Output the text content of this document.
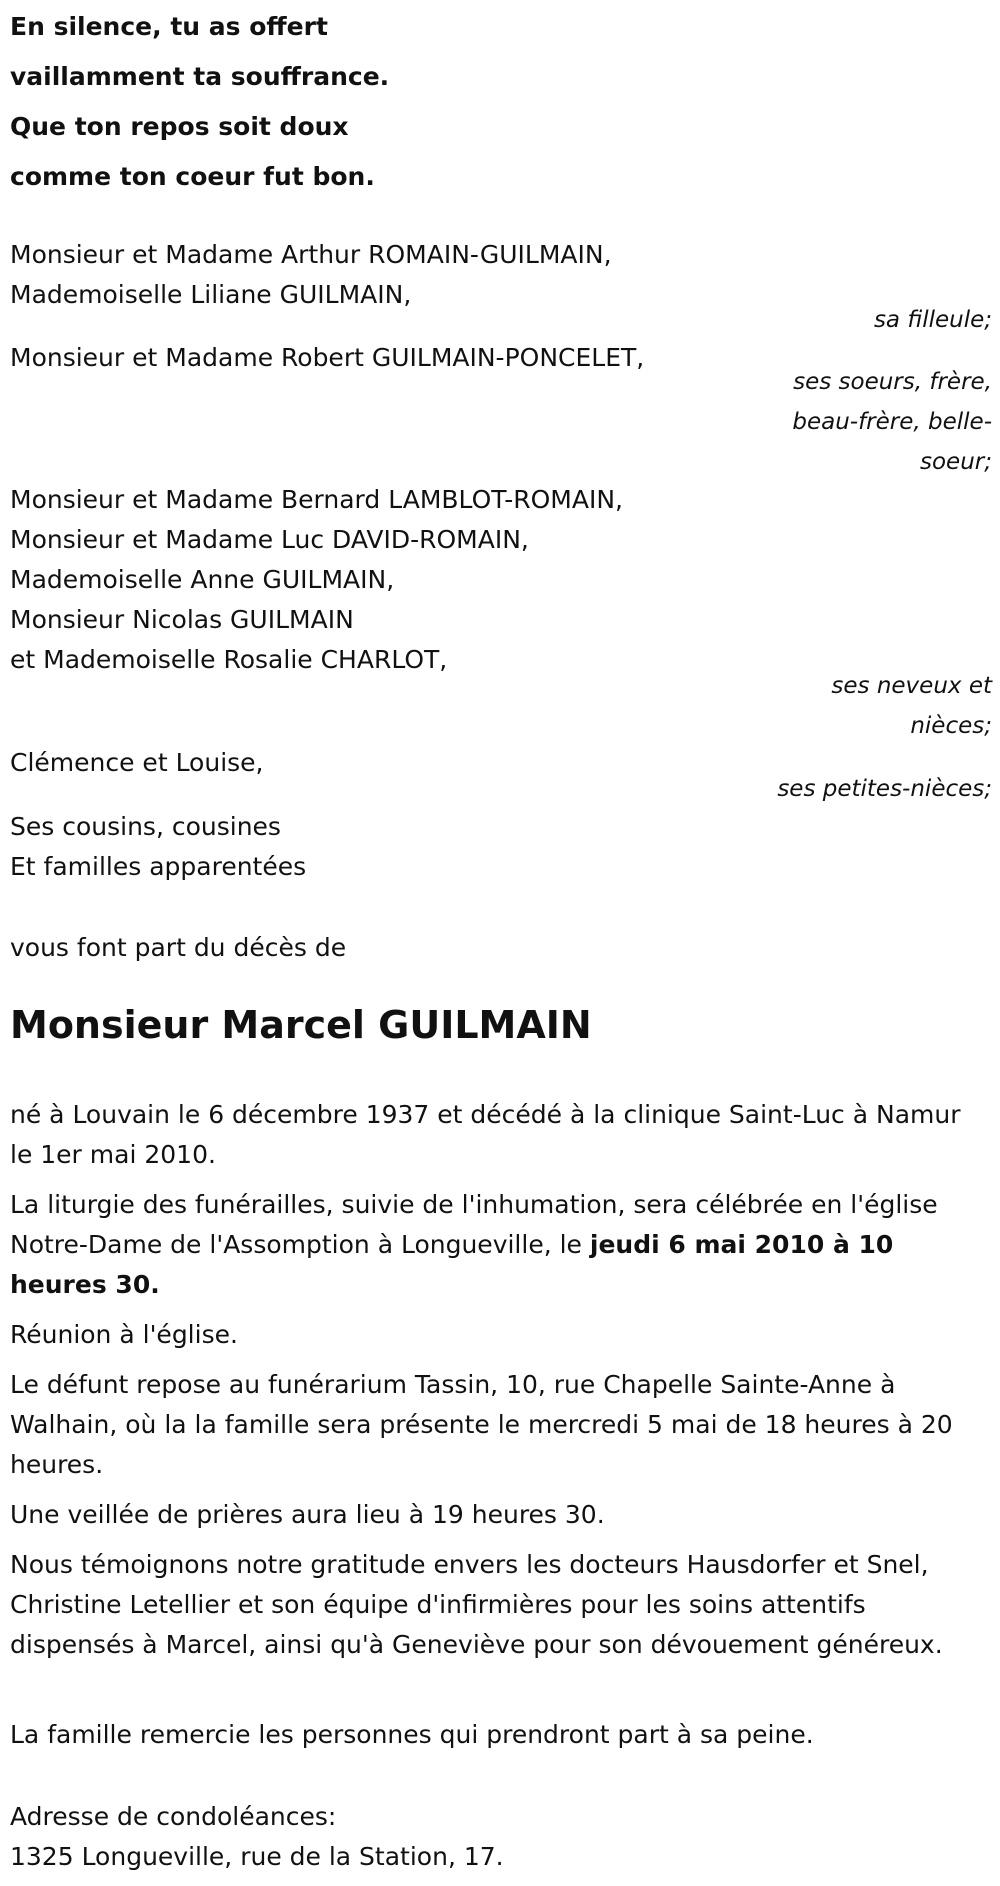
En silence, tu as offert
vaillamment ta souffrance.
Que ton repos soit doux
comme ton coeur fut bon.
Monsieur et Madame Arthur ROMAIN-GUILMAIN,
Mademoiselle Liliane GUILMAIN,
sa filleule;
Monsieur et Madame Robert GUILMAIN-PONCELET,
ses soeurs, frère,
beau-frère, belle-
soeur;
Monsieur et Madame Bernard LAMBLOT-ROMAIN,
Monsieur et Madame Luc DAVID-ROMAIN,
Mademoiselle Anne GUILMAIN,
Monsieur Nicolas GUILMAIN
et Mademoiselle Rosalie CHARLOT,
ses neveux et
nièces;
Clémence et Louise,
ses petites-nièces;
Ses cousins, cousines
Et familles apparentées
vous font part du décès de
Monsieur Marcel GUILMAIN
né à Louvain le 6 décembre 1937 et décédé à la clinique Saint-Luc à Namur le 1er mai 2010.
La liturgie des funérailles, suivie de l'inhumation, sera célébrée en l'église Notre-Dame de l'Assomption à Longueville, le jeudi 6 mai 2010 à 10 heures 30.
Réunion à l'église.
Le défunt repose au funérarium Tassin, 10, rue Chapelle Sainte-Anne à Walhain, où la la famille sera présente le mercredi 5 mai de 18 heures à 20 heures.
Une veillée de prières aura lieu à 19 heures 30.
Nous témoignons notre gratitude envers les docteurs Hausdorfer et Snel, Christine Letellier et son équipe d'infirmières pour les soins attentifs dispensés à Marcel, ainsi qu'à Geneviève pour son dévouement généreux.
La famille remercie les personnes qui prendront part à sa peine.
Adresse de condoléances:
1325 Longueville, rue de la Station, 17.
